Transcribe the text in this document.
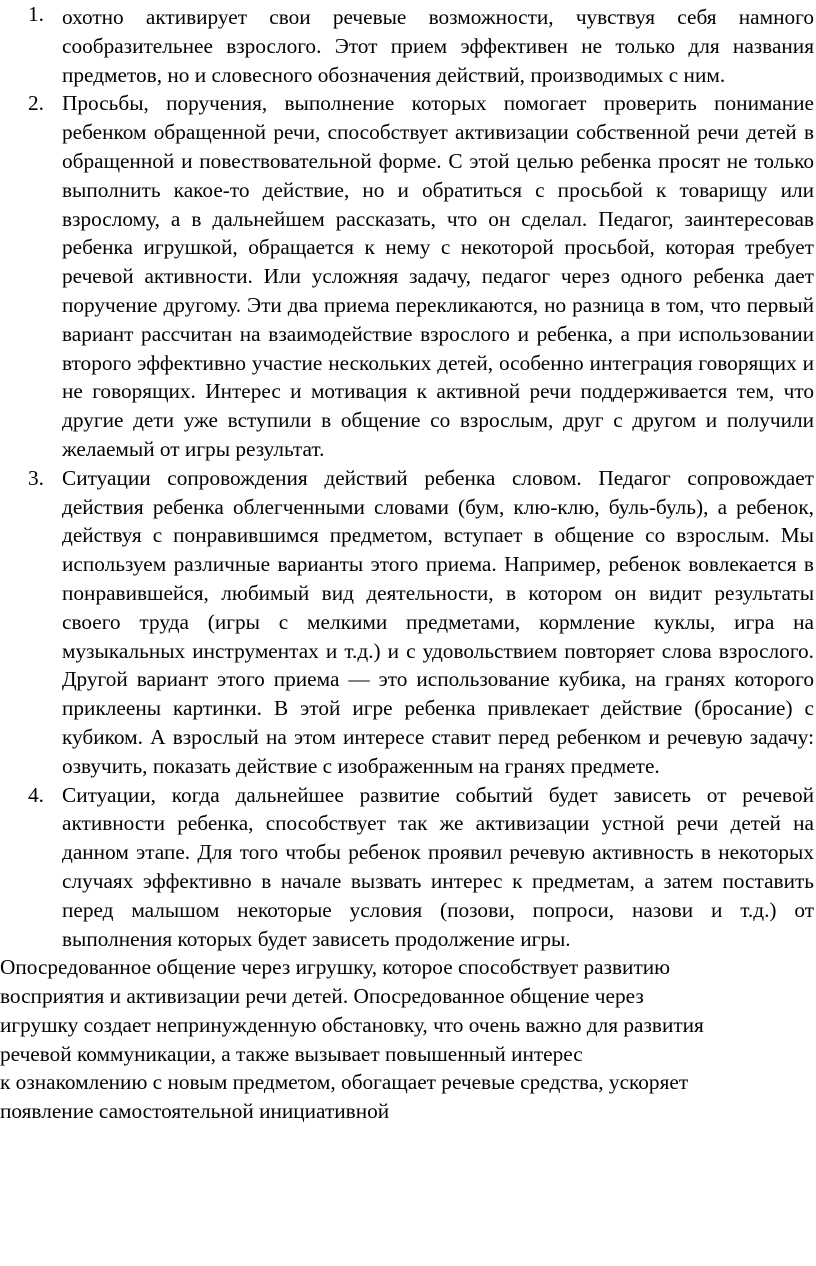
1. охотно активирует свои речевые возможности, чувствуя себя намного сообразительнее взрослого. Этот прием эффективен не только для названия предметов, но и словесного обозначения действий, производимых с ним.
2. Просьбы, поручения, выполнение которых помогает проверить понимание ребенком обращенной речи, способствует активизации собственной речи детей в обращенной и повествовательной форме. С этой целью ребенка просят не только выполнить какое-то действие, но и обратиться с просьбой к товарищу или взрослому, а в дальнейшем рассказать, что он сделал. Педагог, заинтересовав ребенка игрушкой, обращается к нему с некоторой просьбой, которая требует речевой активности. Или усложняя задачу, педагог через одного ребенка дает поручение другому. Эти два приема перекликаются, но разница в том, что первый вариант рассчитан на взаимодействие взрослого и ребенка, а при использовании второго эффективно участие нескольких детей, особенно интеграция говорящих и не говорящих. Интерес и мотивация к активной речи поддерживается тем, что другие дети уже вступили в общение со взрослым, друг с другом и получили желаемый от игры результат.
3. Ситуации сопровождения действий ребенка словом. Педагог сопровождает действия ребенка облегченными словами (бум, клю-клю, буль-буль), а ребенок, действуя с понравившимся предметом, вступает в общение со взрослым. Мы используем различные варианты этого приема. Например, ребенок вовлекается в понравившейся, любимый вид деятельности, в котором он видит результаты своего труда (игры с мелкими предметами, кормление куклы, игра на музыкальных инструментах и т.д.) и с удовольствием повторяет слова взрослого. Другой вариант этого приема — это использование кубика, на гранях которого приклеены картинки. В этой игре ребенка привлекает действие (бросание) с кубиком. А взрослый на этом интересе ставит перед ребенком и речевую задачу: озвучить, показать действие с изображенным на гранях предмете.
4. Ситуации, когда дальнейшее развитие событий будет зависеть от речевой активности ребенка, способствует так же активизации устной речи детей на данном этапе. Для того чтобы ребенок проявил речевую активность в некоторых случаях эффективно в начале вызвать интерес к предметам, а затем поставить перед малышом некоторые условия (позови, попроси, назови и т.д.) от выполнения которых будет зависеть продолжение игры.

Опосредованное общение через игрушку, которое способствует развитию
восприятия и активизации речи детей. Опосредованное общение через
игрушку создает непринужденную обстановку, что очень важно для развития
речевой коммуникации, а также вызывает повышенный интерес
к ознакомлению с новым предметом, обогащает речевые средства, ускоряет
появление самостоятельной инициативной
